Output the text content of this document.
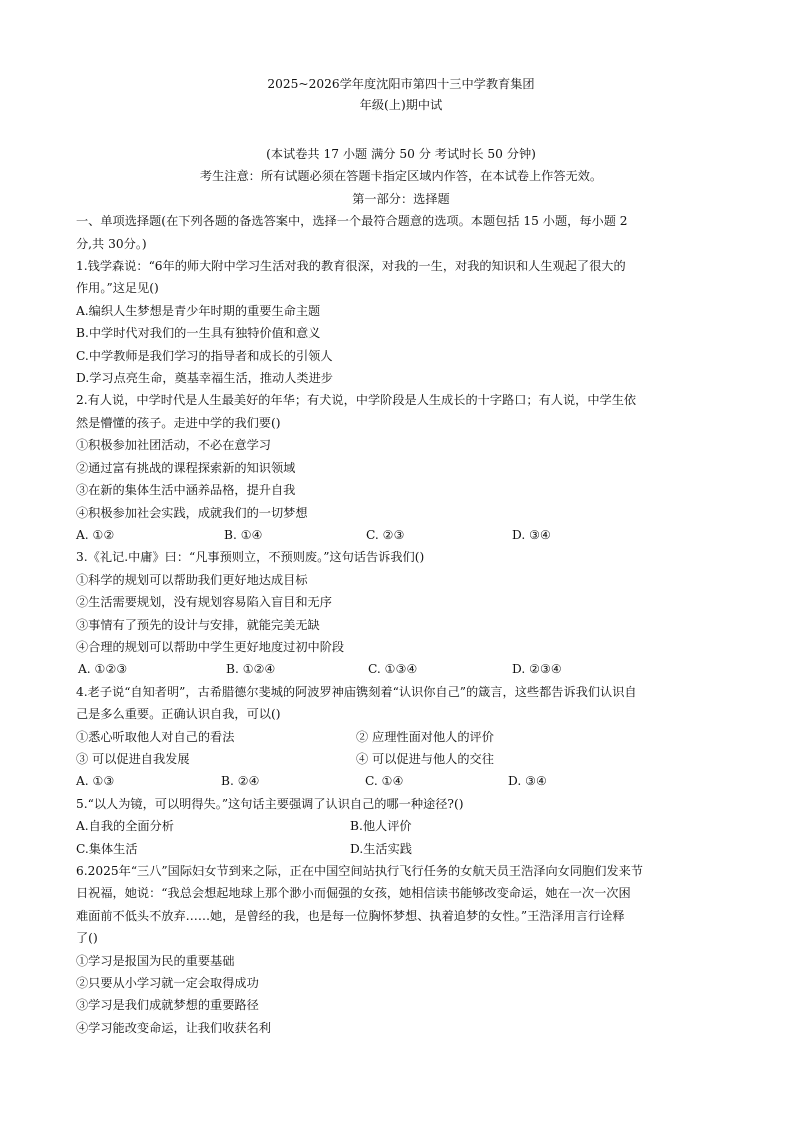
2025~2026学年度沈阳市第四十三中学教育集团
年级(上)期中试
(本试卷共 17 小题 满分 50 分 考试时长 50 分钟)
考生注意：所有试题必须在答题卡指定区域内作答，在本试卷上作答无效。
第一部分：选择题
一、单项选择题(在下列各题的备选答案中，选择一个最符合题意的选项。本题包括 15 小题，每小题 2
分,共 30分。)
1.钱学森说：“6年的师大附中学习生活对我的教育很深，对我的一生，对我的知识和人生观起了很大的
作用。”这足见()
A.编织人生梦想是青少年时期的重要生命主题
B.中学时代对我们的一生具有独特价值和意义
C.中学教师是我们学习的指导者和成长的引领人
D.学习点亮生命，奠基幸福生活，推动人类进步
2.有人说，中学时代是人生最美好的年华；有犬说，中学阶段是人生成长的十字路口；有人说，中学生依
然是懵懂的孩子。走进中学的我们要()
①积极参加社团活动，不必在意学习
②通过富有挑战的课程探索新的知识领域
③在新的集体生活中涵养品格，提升自我
④积极参加社会实践，成就我们的一切梦想
A. ①②	B. ①④	C. ②③	D. ③④
3.《礼记.中庸》曰：“凡事预则立，不预则废。”这句话告诉我们()
①科学的规划可以帮助我们更好地达成目标
②生活需要规划，没有规划容易陷入盲目和无序
③事情有了预先的设计与安排，就能完美无缺
④合理的规划可以帮助中学生更好地度过初中阶段
A. ①②③	B. ①②④	C. ①③④	D. ②③④
4.老子说“自知者明”，古希腊德尔斐城的阿波罗神庙镌刻着“认识你自己”的箴言，这些都告诉我们认识自
己是多么重要。正确认识自我，可以()
①悉心听取他人对自己的看法	② 应理性面对他人的评价
③ 可以促进自我发展	④ 可以促进与他人的交往
A. ①③	B. ②④	C. ①④	D. ③④
5.“以人为镜，可以明得失。”这句话主要强调了认识自己的哪一种途径?()
A.自我的全面分析	B.他人评价
C.集体生活	D.生活实践
6.2025年“三八”国际妇女节到来之际，正在中国空间站执行飞行任务的女航天员王浩泽向女同胞们发来节
日祝福，她说：“我总会想起地球上那个渺小而倔强的女孩，她相信读书能够改变命运，她在一次一次困
难面前不低头不放弃……她，是曾经的我，也是每一位胸怀梦想、执着追梦的女性。”王浩泽用言行诠释
了()
①学习是报国为民的重要基础
②只要从小学习就一定会取得成功
③学习是我们成就梦想的重要路径
④学习能改变命运，让我们收获名利
